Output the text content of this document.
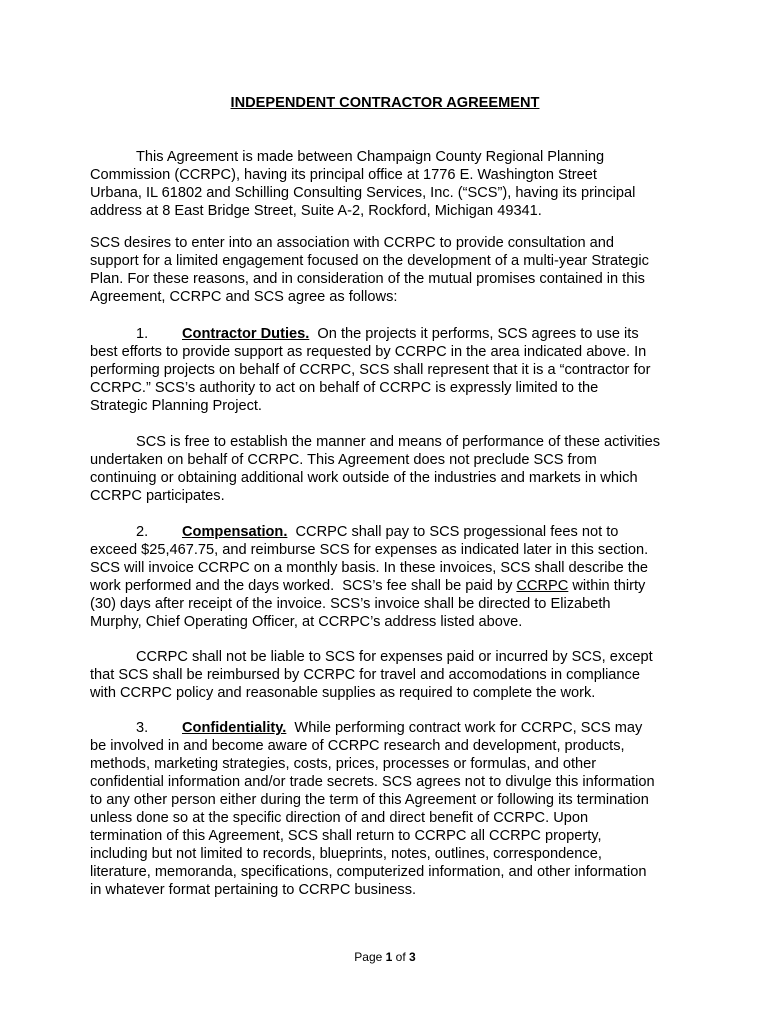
INDEPENDENT CONTRACTOR AGREEMENT
This Agreement is made between Champaign County Regional Planning
Commission (CCRPC), having its principal office at 1776 E. Washington Street
Urbana, IL 61802 and Schilling Consulting Services, Inc. (“SCS”), having its principal
address at 8 East Bridge Street, Suite A-2, Rockford, Michigan 49341.
SCS desires to enter into an association with CCRPC to provide consultation and
support for a limited engagement focused on the development of a multi-year Strategic
Plan. For these reasons, and in consideration of the mutual promises contained in this
Agreement, CCRPC and SCS agree as follows:
1. Contractor Duties.  On the projects it performs, SCS agrees to use its
best efforts to provide support as requested by CCRPC in the area indicated above. In
performing projects on behalf of CCRPC, SCS shall represent that it is a “contractor for
CCRPC.” SCS’s authority to act on behalf of CCRPC is expressly limited to the
Strategic Planning Project.
SCS is free to establish the manner and means of performance of these activities
undertaken on behalf of CCRPC. This Agreement does not preclude SCS from
continuing or obtaining additional work outside of the industries and markets in which
CCRPC participates.
2. Compensation.  CCRPC shall pay to SCS progessional fees not to
exceed $25,467.75, and reimburse SCS for expenses as indicated later in this section.
SCS will invoice CCRPC on a monthly basis. In these invoices, SCS shall describe the
work performed and the days worked.  SCS’s fee shall be paid by CCRPC within thirty
(30) days after receipt of the invoice. SCS’s invoice shall be directed to Elizabeth
Murphy, Chief Operating Officer, at CCRPC’s address listed above.
CCRPC shall not be liable to SCS for expenses paid or incurred by SCS, except
that SCS shall be reimbursed by CCRPC for travel and accomodations in compliance
with CCRPC policy and reasonable supplies as required to complete the work.
3. Confidentiality.  While performing contract work for CCRPC, SCS may
be involved in and become aware of CCRPC research and development, products,
methods, marketing strategies, costs, prices, processes or formulas, and other
confidential information and/or trade secrets. SCS agrees not to divulge this information
to any other person either during the term of this Agreement or following its termination
unless done so at the specific direction of and direct benefit of CCRPC. Upon
termination of this Agreement, SCS shall return to CCRPC all CCRPC property,
including but not limited to records, blueprints, notes, outlines, correspondence,
literature, memoranda, specifications, computerized information, and other information
in whatever format pertaining to CCRPC business.
Page 1 of 3
